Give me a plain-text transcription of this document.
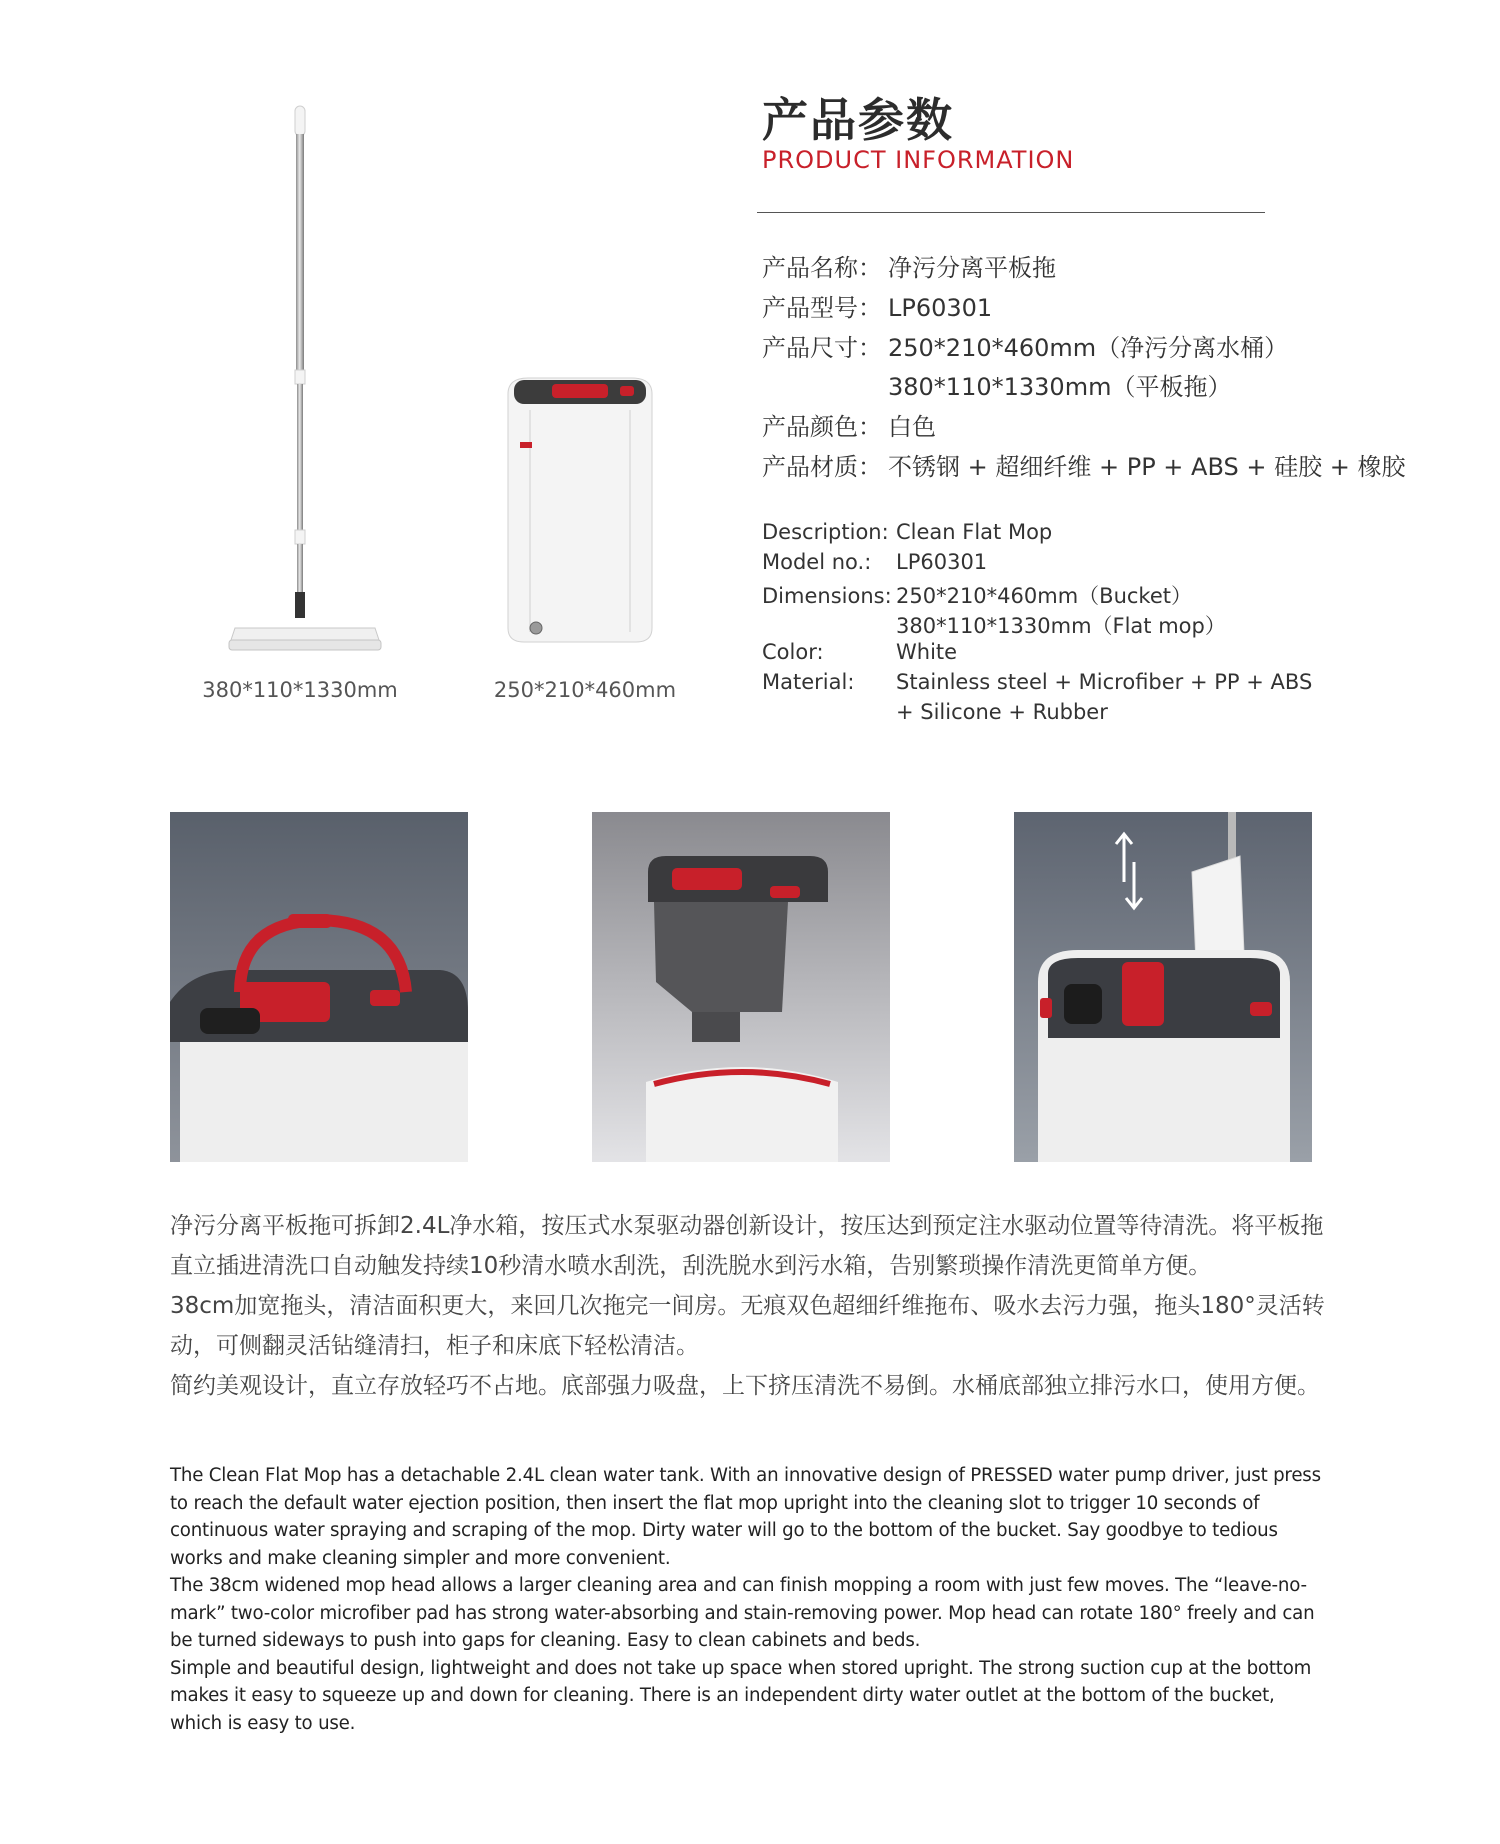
380*110*1330mm	250*210*460mm
产品参数
PRODUCT INFORMATION
产品名称： 净污分离平板拖
产品型号： LP60301
产品尺寸： 250*210*460mm（净污分离水桶）
380*110*1330mm（平板拖）
产品颜色： 白色
产品材质： 不锈钢 + 超细纤维 + PP + ABS + 硅胶 + 橡胶
Description: Clean Flat Mop
Model no.: LP60301
Dimensions: 250*210*460mm（Bucket）
380*110*1330mm（Flat mop）
Color:	White
Material: Stainless steel + Microfiber + PP + ABS
+ Silicone + Rubber

净污分离平板拖可拆卸2.4L净水箱，按压式水泵驱动器创新设计，按压达到预定注水驱动位置等待清洗。将平板拖直立插进清洗口自动触发持续10秒清水喷水刮洗，刮洗脱水到污水箱，告别繁琐操作清洗更简单方便。

38cm加宽拖头，清洁面积更大，来回几次拖完一间房。无痕双色超细纤维拖布、吸水去污力强，拖头180°灵活转动，可侧翻灵活钻缝清扫，柜子和床底下轻松清洁。

简约美观设计，直立存放轻巧不占地。底部强力吸盘，上下挤压清洗不易倒。水桶底部独立排污水口，使用方便。

The Clean Flat Mop has a detachable 2.4L clean water tank. With an innovative design of PRESSED water pump driver, just press to reach the default water ejection position, then insert the flat mop upright into the cleaning slot to trigger 10 seconds of continuous water spraying and scraping of the mop. Dirty water will go to the bottom of the bucket. Say goodbye to tedious works and make cleaning simpler and more convenient.

The 38cm widened mop head allows a larger cleaning area and can finish mopping a room with just few moves. The “leave-no-mark” two-color microfiber pad has strong water-absorbing and stain-removing power. Mop head can rotate 180° freely and can be turned sideways to push into gaps for cleaning. Easy to clean cabinets and beds.

Simple and beautiful design, lightweight and does not take up space when stored upright. The strong suction cup at the bottom makes it easy to squeeze up and down for cleaning. There is an independent dirty water outlet at the bottom of the bucket, which is easy to use.
